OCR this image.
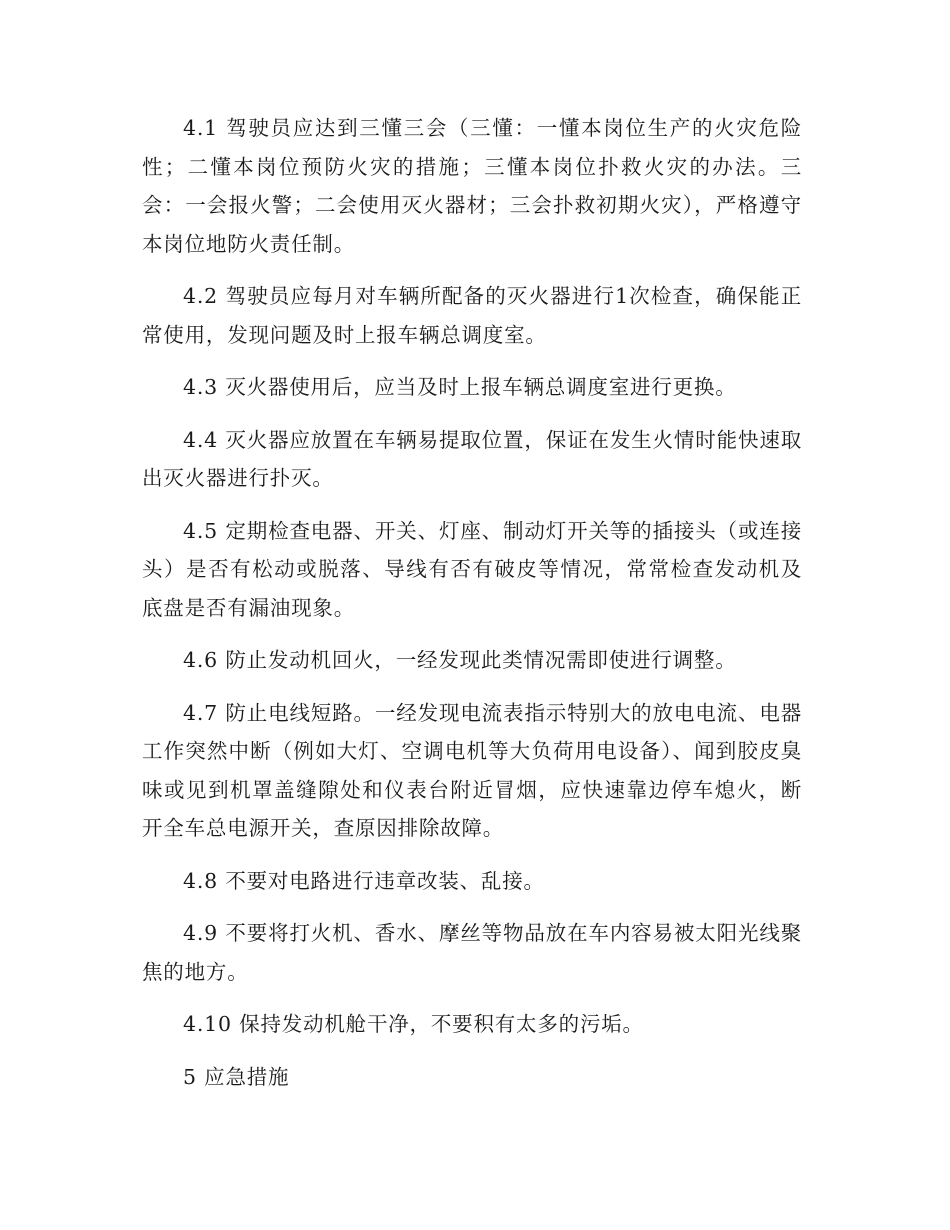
4.1 驾驶员应达到三懂三会（三懂：一懂本岗位生产的火灾危险性；二懂本岗位预防火灾的措施；三懂本岗位扑救火灾的办法。三会：一会报火警；二会使用灭火器材；三会扑救初期火灾），严格遵守本岗位地防火责任制。

4.2 驾驶员应每月对车辆所配备的灭火器进行1次检查，确保能正常使用，发现问题及时上报车辆总调度室。

4.3 灭火器使用后，应当及时上报车辆总调度室进行更换。

4.4 灭火器应放置在车辆易提取位置，保证在发生火情时能快速取出灭火器进行扑灭。

4.5 定期检查电器、开关、灯座、制动灯开关等的插接头（或连接头）是否有松动或脱落、导线有否有破皮等情况，常常检查发动机及底盘是否有漏油现象。

4.6 防止发动机回火，一经发现此类情况需即使进行调整。

4.7 防止电线短路。一经发现电流表指示特别大的放电电流、电器工作突然中断（例如大灯、空调电机等大负荷用电设备）、闻到胶皮臭味或见到机罩盖缝隙处和仪表台附近冒烟，应快速靠边停车熄火，断开全车总电源开关，查原因排除故障。

4.8 不要对电路进行违章改装、乱接。

4.9 不要将打火机、香水、摩丝等物品放在车内容易被太阳光线聚焦的地方。

4.10 保持发动机舱干净，不要积有太多的污垢。

5 应急措施
